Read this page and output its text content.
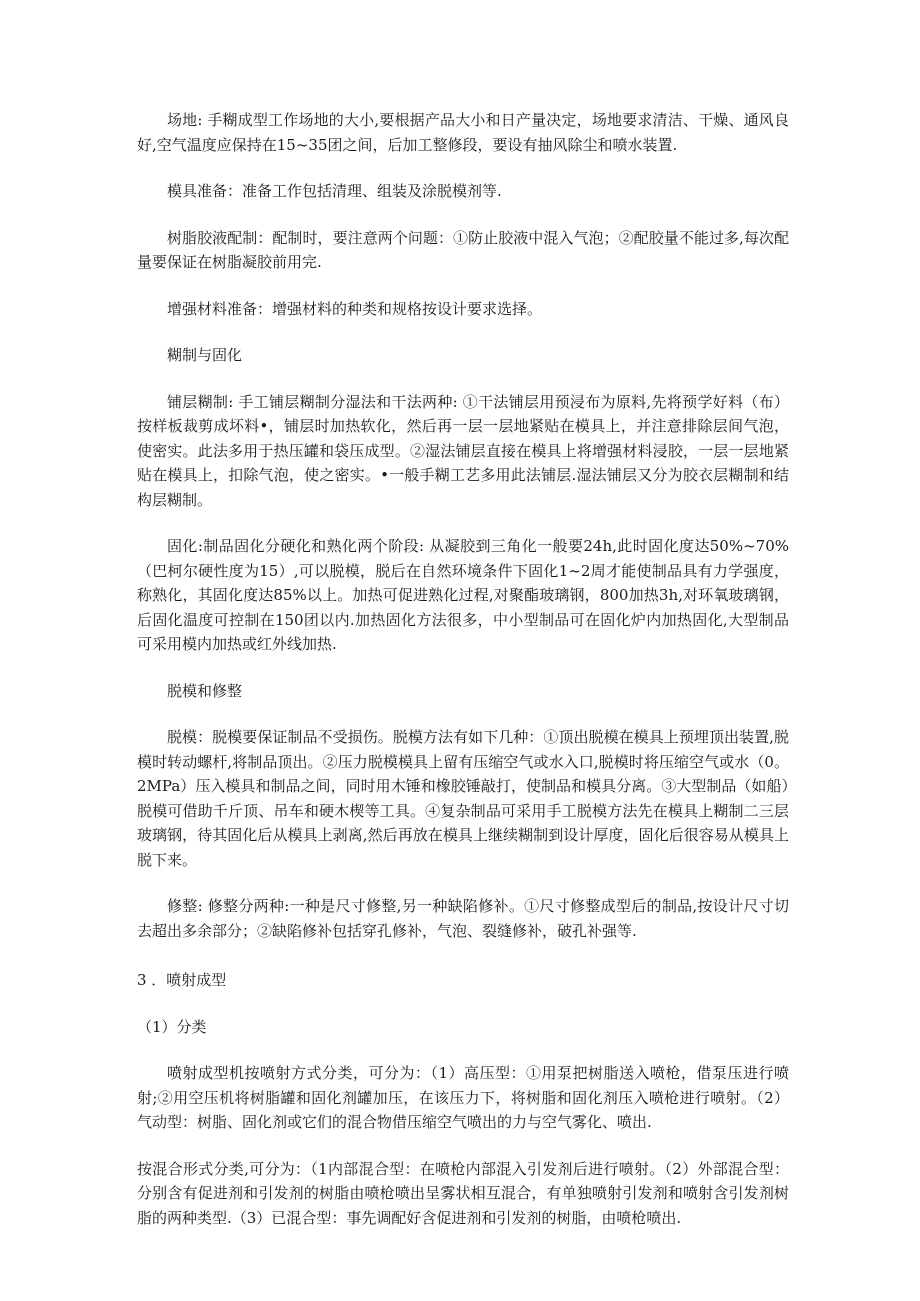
场地: 手糊成型工作场地的大小,要根据产品大小和日产量决定，场地要求清洁、干燥、通风良好,空气温度应保持在15~35团之间，后加工整修段，要设有抽风除尘和喷水装置.

模具准备：准备工作包括清理、组装及涂脱模剂等.

树脂胶液配制：配制时，要注意两个问题：①防止胶液中混入气泡；②配胶量不能过多,每次配量要保证在树脂凝胶前用完.

增强材料准备：增强材料的种类和规格按设计要求选择。

糊制与固化

铺层糊制: 手工铺层糊制分湿法和干法两种: ①干法铺层用预浸布为原料,先将预学好料（布）按样板裁剪成坏料•，铺层时加热软化，然后再一层一层地紧贴在模具上，并注意排除层间气泡，使密实。此法多用于热压罐和袋压成型。②湿法铺层直接在模具上将增强材料浸胶，一层一层地紧贴在模具上，扣除气泡，使之密实。•一般手糊工艺多用此法铺层.湿法铺层又分为胶衣层糊制和结构层糊制。

固化:制品固化分硬化和熟化两个阶段: 从凝胶到三角化一般要24h,此时固化度达50%~70%（巴柯尔硬性度为15）,可以脱模，脱后在自然环境条件下固化1~2周才能使制品具有力学强度，称熟化，其固化度达85%以上。加热可促进熟化过程,对聚酯玻璃钢，800加热3h,对环氧玻璃钢，后固化温度可控制在150团以内.加热固化方法很多，中小型制品可在固化炉内加热固化,大型制品可采用模内加热或红外线加热.

脱模和修整

脱模：脱模要保证制品不受损伤。脱模方法有如下几种：①顶出脱模在模具上预埋顶出装置,脱模时转动螺杆,将制品顶出。②压力脱模模具上留有压缩空气或水入口,脱模时将压缩空气或水（0。2MPa）压入模具和制品之间，同时用木锤和橡胶锤敲打，使制品和模具分离。③大型制品（如船）脱模可借助千斤顶、吊车和硬木楔等工具。④复杂制品可采用手工脱模方法先在模具上糊制二三层玻璃钢，待其固化后从模具上剥离,然后再放在模具上继续糊制到设计厚度，固化后很容易从模具上脱下来。

修整: 修整分两种:一种是尺寸修整,另一种缺陷修补。①尺寸修整成型后的制品,按设计尺寸切去超出多余部分；②缺陷修补包括穿孔修补，气泡、裂缝修补，破孔补强等.

3 ．喷射成型

（1）分类

喷射成型机按喷射方式分类，可分为：（1）高压型：①用泵把树脂送入喷枪，借泵压进行喷射;②用空压机将树脂罐和固化剂罐加压，在该压力下，将树脂和固化剂压入喷枪进行喷射。（2）气动型：树脂、固化剂或它们的混合物借压缩空气喷出的力与空气雾化、喷出.

按混合形式分类,可分为：（1内部混合型：在喷枪内部混入引发剂后进行喷射。（2）外部混合型：分别含有促进剂和引发剂的树脂由喷枪喷出呈雾状相互混合，有单独喷射引发剂和喷射含引发剂树脂的两种类型.（3）已混合型：事先调配好含促进剂和引发剂的树脂，由喷枪喷出.
